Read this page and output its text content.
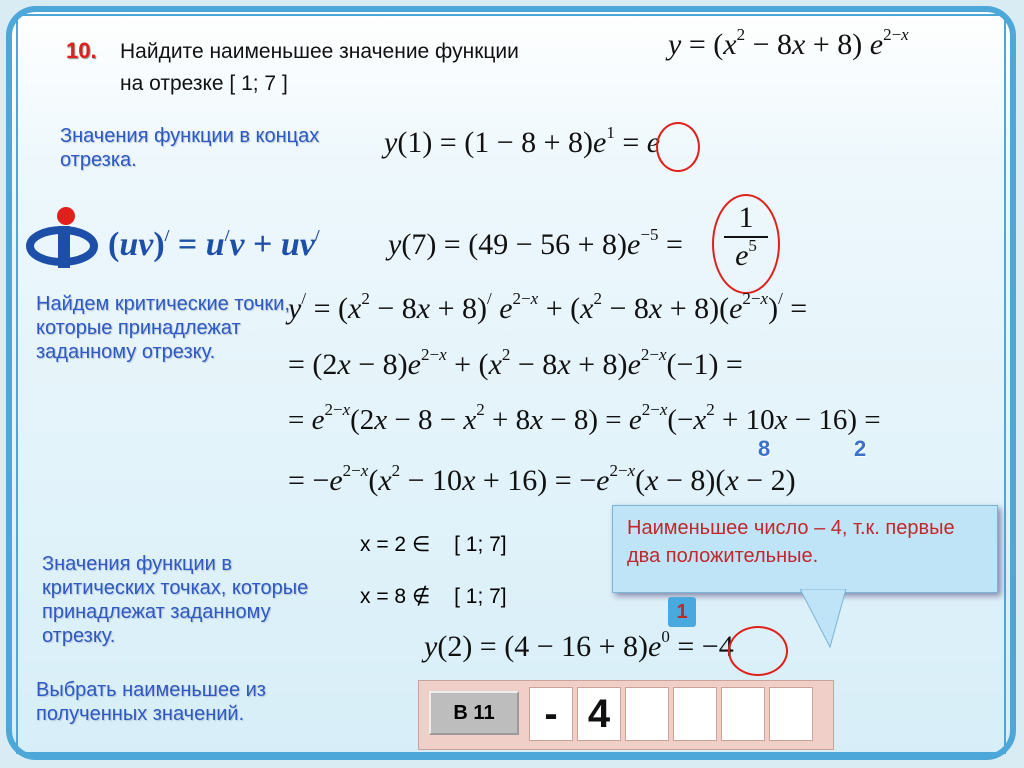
10. Найдите наименьшее значение функции
на отрезке [ 1; 7 ]
$y = (x^2 - 8x + 8)$ $e^{2-x}$
Значения функции в концах отрезка.
$y(1) = (1 - 8 + 8)e^1 = e$
(uv)/ = u/v + uv/ $y(7) = (49 - 56 + 8)e^{-5}$ =
1
$e^5$
Найдем критические точки, которые принадлежат заданному отрезку.
$y^/ = (x^2 - 8x + 8)^/$ $e^{2-x} + (x^2 - 8x + 8)(e^{2-x})^/$ =
= $(2x - 8)e^{2-x} + (x^2 - 8x + 8)e^{2-x}(-1)$ =
= $e^{2-x}(2x - 8 - x^2 + 8x - 8) = e^{2-x}(-x^2 + 10x - 16)$ =
8	2
= $-e^{2-x}(x^2 - 10x + 16) = -e^{2-x}(x - 8)(x - 2)$
x = 2 ∈ [ 1; 7]
x = 8 ∉ [ 1; 7]
Наименьшее число – 4, т.к. первые два положительные.
Значения функции в критических точках, которые принадлежат заданному отрезку.
1
$y(2) = (4 - 16 + 8)e^0 = -4$
Выбрать наименьшее из полученных значений.	В 11	- 4
